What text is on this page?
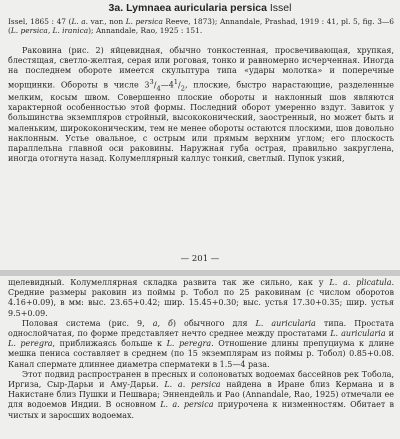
3а. Lymnaea auricularia persica Issel

Issel, 1865 : 47 (L. a. var., non L. persica Reeve, 1873); Annandale, Prashad, 1919 : 41, pl. 5, fig. 3—6 (L. persica, L. iranica); Annandale, Rao, 1925 : 151.

Раковина (рис. 2) яйцевидная, обычно тонкостенная, просвечивающая, хрупкая, блестящая, светло-желтая, серая или роговая, тонко и равномерно исчерченная. Иногда на последнем обороте имеется скульптура типа «удары молотка» и поперечные морщинки. Обороты в числе $3^3/_4—4^1/_2$, плоские, быстро нарастающие, разделенные мелким, косым швом. Совершенно плоские обороты и наклонный шов являются характерной особенностью этой формы. Последний оборот умеренно вздут. Завиток у большинства экземпляров стройный, высококонический, заостренный, но может быть и маленьким, ширококоническим, тем не менее обороты остаются плоскими, шов довольно наклонным. Устье овальное, с острым или прямым верхним углом; его плоскость параллельна главной оси раковины. Наружная губа острая, правильно закруглена, иногда отогнута назад. Колумеллярный каллус тонкий, светлый. Пупок узкий,

— 201 —

щелевидный. Колумеллярная складка развита так же сильно, как у L. a. plicatula. Средние размеры раковин из поймы р. Тобол по 25 раковинам (с числом оборотов 4.16+0.09), в мм: выс. 23.65+0.42; шир. 15.45+0.30; выс. устья 17.30+0.35; шир. устья 9.5+0.09.

Половая система (рис. 9, а, б) обычного для L. auricularia типа. Простата однослойчатая, по форме представляет нечто среднее между простатами L. auricularia и L. peregra, приближаясь больше к L. peregra. Отношение длины препуциума к длине мешка пениса составляет в среднем (по 15 экземплярам из поймы р. Тобол) 0.85+0.08. Канал спермате длиннее диаметра сперматеки в 1.5—4 раза.

Этот подвид распространен в пресных и солоноватых водоемах бассейнов рек Тобола, Иргиза, Сыр-Дарьи и Аму-Дарьи. L. a. persica найдена в Иране близ Кермана и в Накистане близ Пушки и Пешвара; Эннендейль и Рао (Annandale, Rao, 1925) отмечали ее для водоемов Индии. В основном L. a. persica приурочена к низменностям. Обитает в чистых и заросших водоемах.
